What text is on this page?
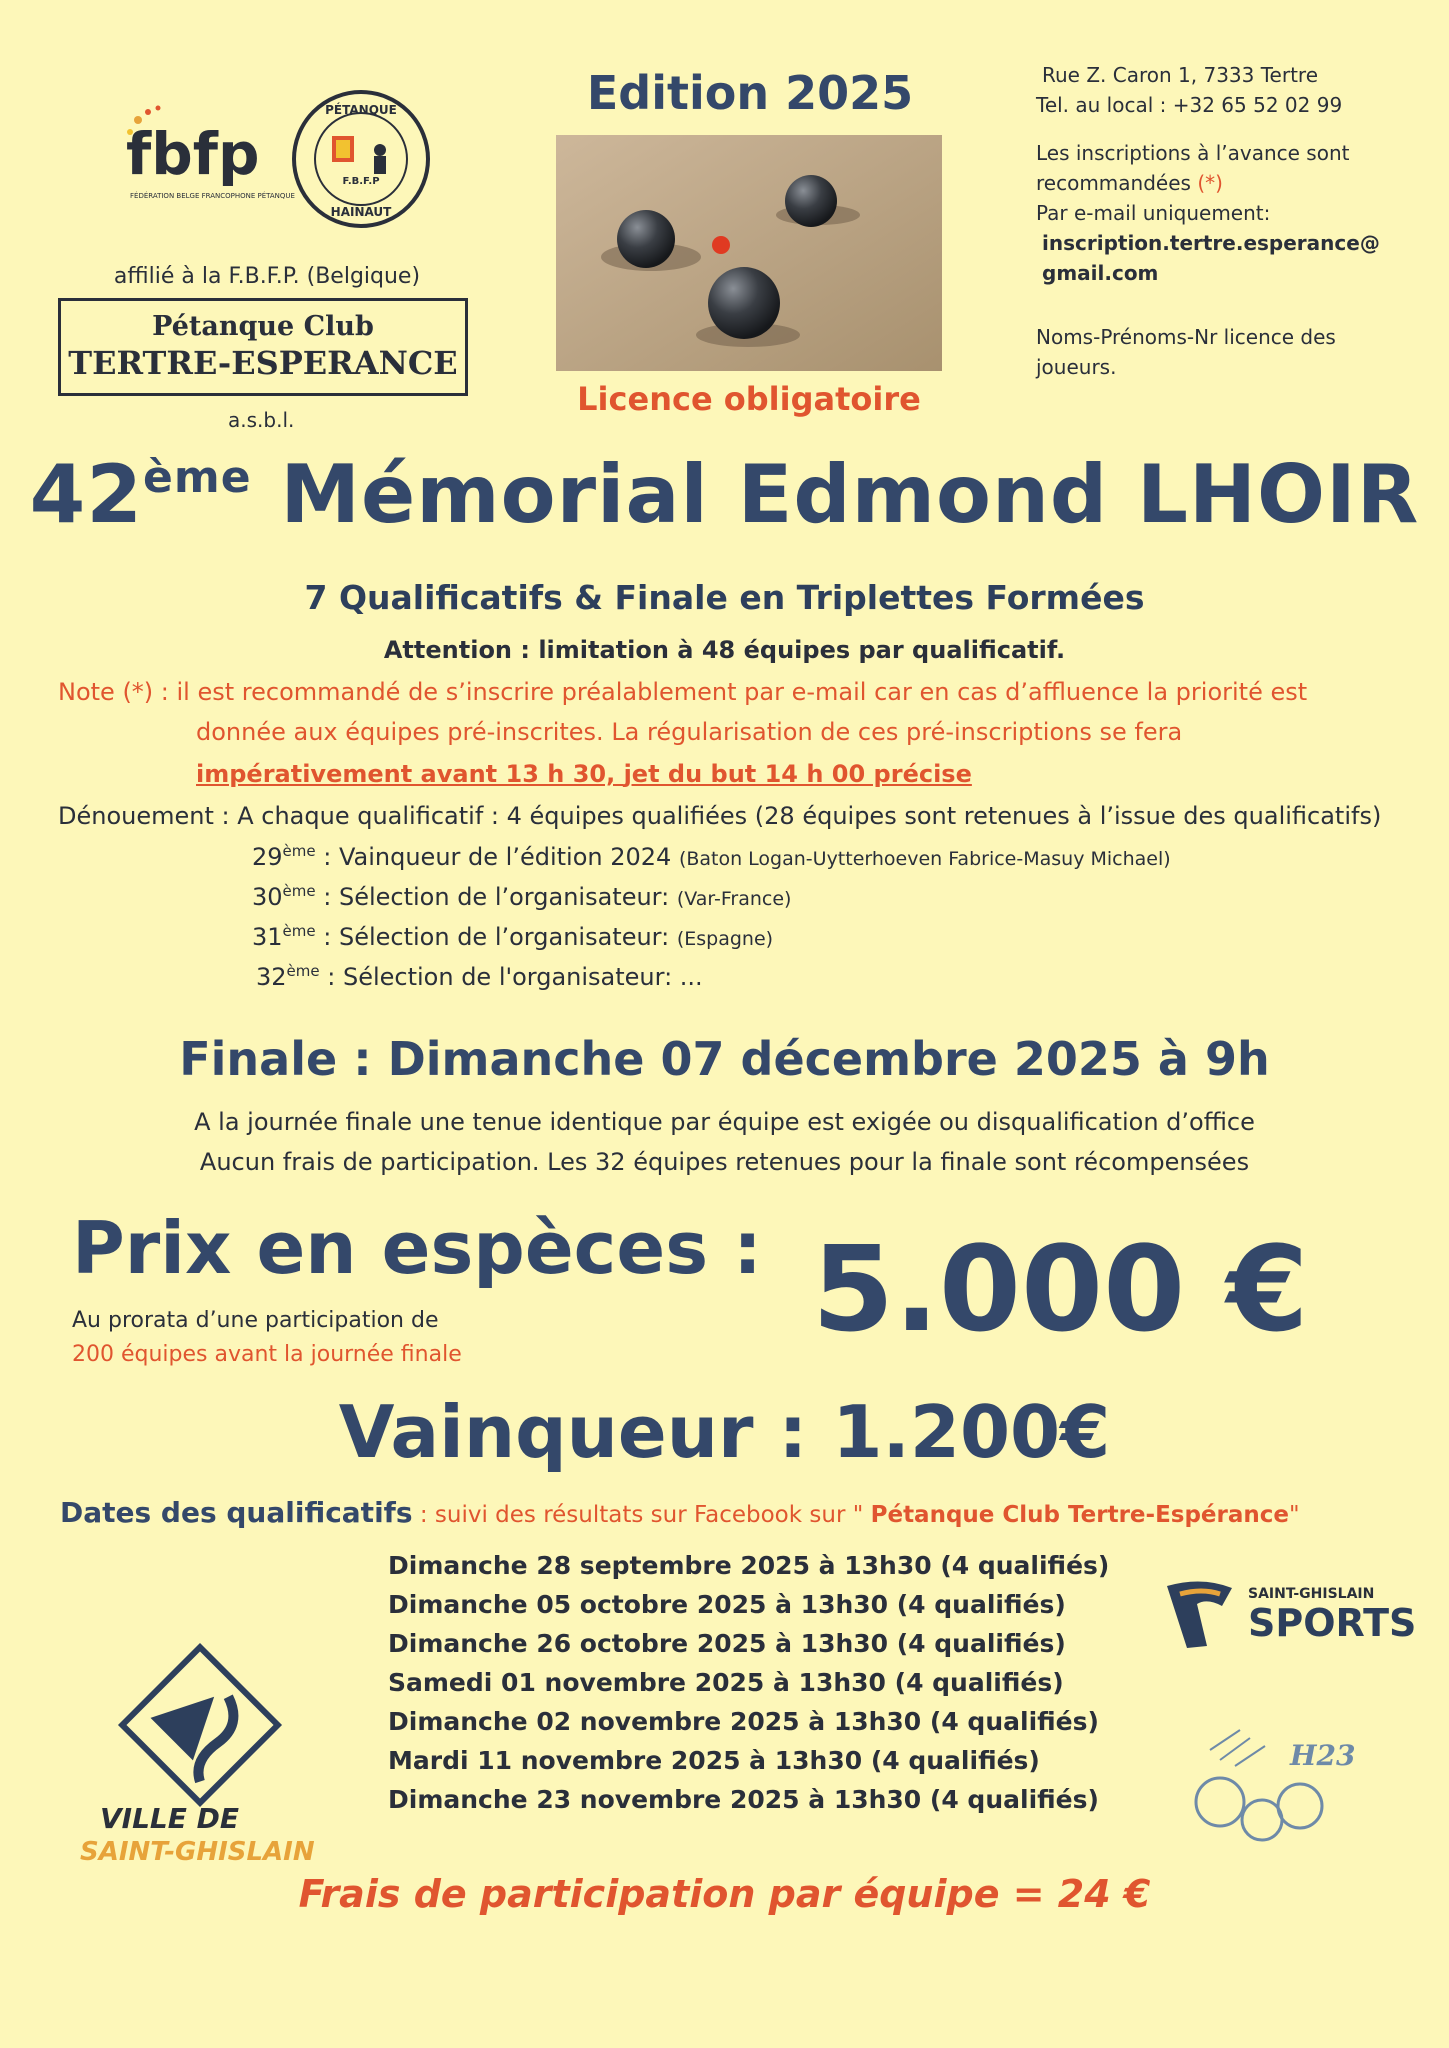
fbfp
FÉDÉRATION BELGE FRANCOPHONE PÉTANQUE
PÉTANQUE
HAINAUT
F.B.F.P
affilié à la F.B.F.P. (Belgique)
Pétanque Club
TERTRE-ESPERANCE
a.s.b.l.
Edition 2025
Licence obligatoire
Rue Z. Caron 1, 7333 Tertre
Tel. au local : +32 65 52 02 99
Les inscriptions à l’avance sont
recommandées (*)
Par e-mail uniquement:
inscription.tertre.esperance@
gmail.com
Noms-Prénoms-Nr licence des
joueurs.
42ème Mémorial Edmond LHOIR
7 Qualificatifs & Finale en Triplettes Formées
Attention : limitation à 48 équipes par qualificatif.
Note (*) : il est recommandé de s’inscrire préalablement par e-mail car en cas d’affluence la priorité est
donnée aux équipes pré-inscrites. La régularisation de ces pré-inscriptions se fera
impérativement avant 13 h 30, jet du but 14 h 00 précise
Dénouement : A chaque qualificatif : 4 équipes qualifiées (28 équipes sont retenues à l’issue des qualificatifs)
29ème : Vainqueur de l’édition 2024 (Baton Logan-Uytterhoeven Fabrice-Masuy Michael)
30ème : Sélection de l’organisateur: (Var-France)
31ème : Sélection de l’organisateur: (Espagne)
32ème : Sélection de l'organisateur: ...
Finale : Dimanche 07 décembre 2025 à 9h
A la journée finale une tenue identique par équipe est exigée ou disqualification d’office
Aucun frais de participation. Les 32 équipes retenues pour la finale sont récompensées
Prix en espèces :
Au prorata d’une participation de
200 équipes avant la journée finale	5.000 €
Vainqueur : 1.200€
Dates des qualificatifs : suivi des résultats sur Facebook sur " Pétanque Club Tertre-Espérance"
Dimanche 28 septembre 2025 à 13h30 (4 qualifiés)
Dimanche 05 octobre 2025 à 13h30 (4 qualifiés)
Dimanche 26 octobre 2025 à 13h30 (4 qualifiés)
Samedi 01 novembre 2025 à 13h30 (4 qualifiés)
Dimanche 02 novembre 2025 à 13h30 (4 qualifiés)
Mardi 11 novembre 2025 à 13h30 (4 qualifiés)
Dimanche 23 novembre 2025 à 13h30 (4 qualifiés)
VILLE DE
SAINT-GHISLAIN
SAINT-GHISLAIN
SPORTS
H23
Frais de participation par équipe = 24 €
